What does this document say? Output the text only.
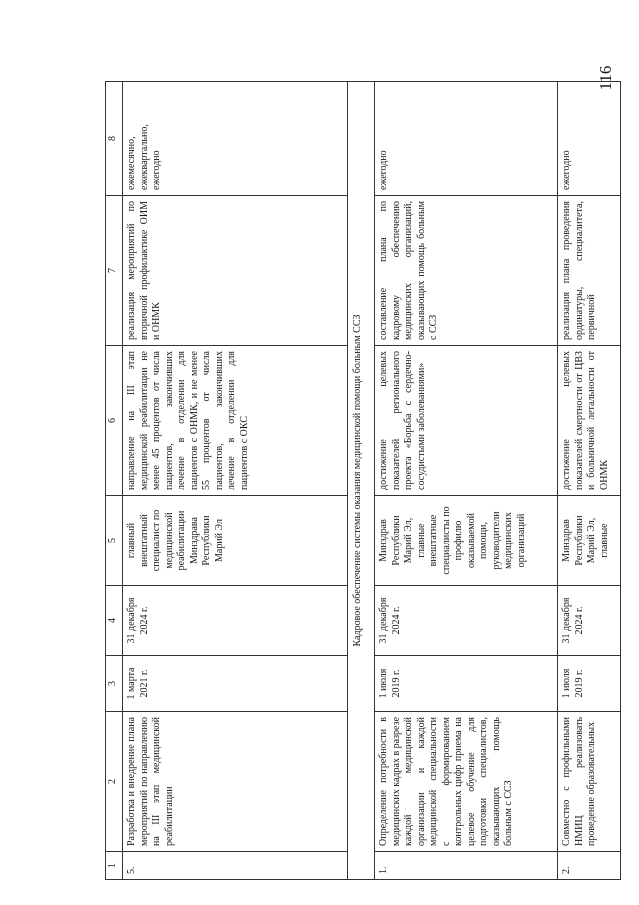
116
1	2	3	4	5	6	7	8
5.	Разработка и внедрение плана мероприятий по направлению на III этап медицинской реабилитации	1 марта 2021 г.	31 декабря 2024 г.	главный внештатный специалист по медицинской реабилитации Минздрава Республики Марий Эл	направление на III этап медицинской реабилитации не менее 45 процентов от числа пациентов, закончивших лечение в отделении для пациентов с ОНМК, и не менее 55 процентов от числа пациентов, закончивших лечение в отделении для пациентов с ОКС	реализация мероприятий по вторичной профилактике ОИМ и ОНМК	ежемесячно, ежеквартально, ежегодно
Кадровое обеспечение системы оказания медицинской помощи больным ССЗ							
1.	Определение потребности в медицинских кадрах в разрезе каждой медицинской организации и каждой медицинской специальности с формированием контрольных цифр приема на целевое обучение для подготовки специалистов, оказывающих помощь больным с ССЗ	1 июля 2019 г.	31 декабря 2024 г.	Минздрав Республики Марий Эл, главные внештатные специалисты по профилю оказываемой помощи, руководители медицинских организаций	достижение целевых показателей регионального проекта «Борьба с сердечно-сосудистыми заболеваниями»	составление плана по кадровому обеспечению медицинских организаций, оказывающих помощь больным с ССЗ	ежегодно
2.	Совместно с профильными НМИЦ реализовать проведение образовательных	1 июля 2019 г.	31 декабря 2024 г.	Минздрав Республики Марий Эл, главные	достижение целевых показателей смертности от ЦВЗ и больничной летальности от ОНМК	реализация плана проведения ординатуры, специалитета, первичной	ежегодно
